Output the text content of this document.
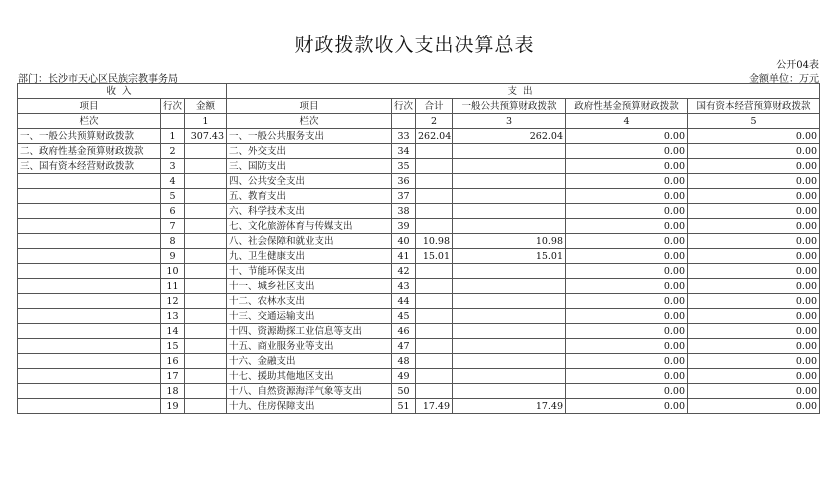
财政拨款收入支出决算总表
公开04表
部门：长沙市天心区民族宗教事务局	金额单位：万元
收入			支出					
项目	行次	金额	项目	行次	合计	一般公共预算财政拨款	政府性基金预算财政拨款	国有资本经营预算财政拨款
栏次		1	栏次		2	3	4	5
一、一般公共预算财政拨款	1	307.43	一、一般公共服务支出	33	262.04	262.04	0.00	0.00
二、政府性基金预算财政拨款	2		二、外交支出	34			0.00	0.00
三、国有资本经营财政拨款	3		三、国防支出	35			0.00	0.00
	4		四、公共安全支出	36			0.00	0.00
	5		五、教育支出	37			0.00	0.00
	6		六、科学技术支出	38			0.00	0.00
	7		七、文化旅游体育与传媒支出	39			0.00	0.00
	8		八、社会保障和就业支出	40	10.98	10.98	0.00	0.00
	9		九、卫生健康支出	41	15.01	15.01	0.00	0.00
	10		十、节能环保支出	42			0.00	0.00
	11		十一、城乡社区支出	43			0.00	0.00
	12		十二、农林水支出	44			0.00	0.00
	13		十三、交通运输支出	45			0.00	0.00
	14		十四、资源勘探工业信息等支出	46			0.00	0.00
	15		十五、商业服务业等支出	47			0.00	0.00
	16		十六、金融支出	48			0.00	0.00
	17		十七、援助其他地区支出	49			0.00	0.00
	18		十八、自然资源海洋气象等支出	50			0.00	0.00
	19		十九、住房保障支出	51	17.49	17.49	0.00	0.00
